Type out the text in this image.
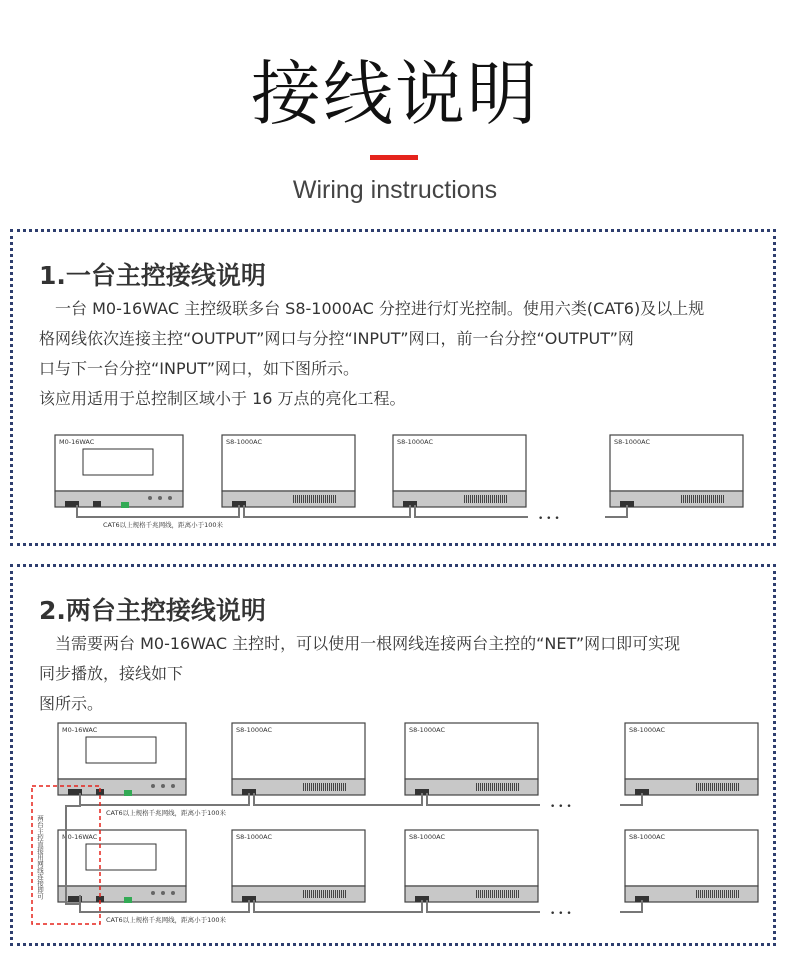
接线说明
Wiring instructions
1.一台主控接线说明
　一台 M0-16WAC 主控级联多台 S8-1000AC 分控进行灯光控制。使用六类(CAT6)及以上规
格网线依次连接主控“OUTPUT”网口与分控“INPUT”网口，前一台分控“OUTPUT”网
口与下一台分控“INPUT”网口，如下图所示。
该应用适用于总控制区域小于 16 万点的亮化工程。
2.两台主控接线说明
　当需要两台 M0-16WAC 主控时，可以使用一根网线连接两台主控的“NET”网口即可实现
同步播放，接线如下
图所示。
M0-16WAC	S8-1000AC	S8-1000AC	S8-1000AC
CAT6以上规格千兆网线，距离小于100米
• • •
M0-16WAC	S8-1000AC	S8-1000AC	S8-1000AC
CAT6以上规格千兆网线，距离小于100米
• • •
M0-16WAC	S8-1000AC	S8-1000AC	S8-1000AC
CAT6以上规格千兆网线，距离小于100米
• • •
两台主控直接用网线连接即可
